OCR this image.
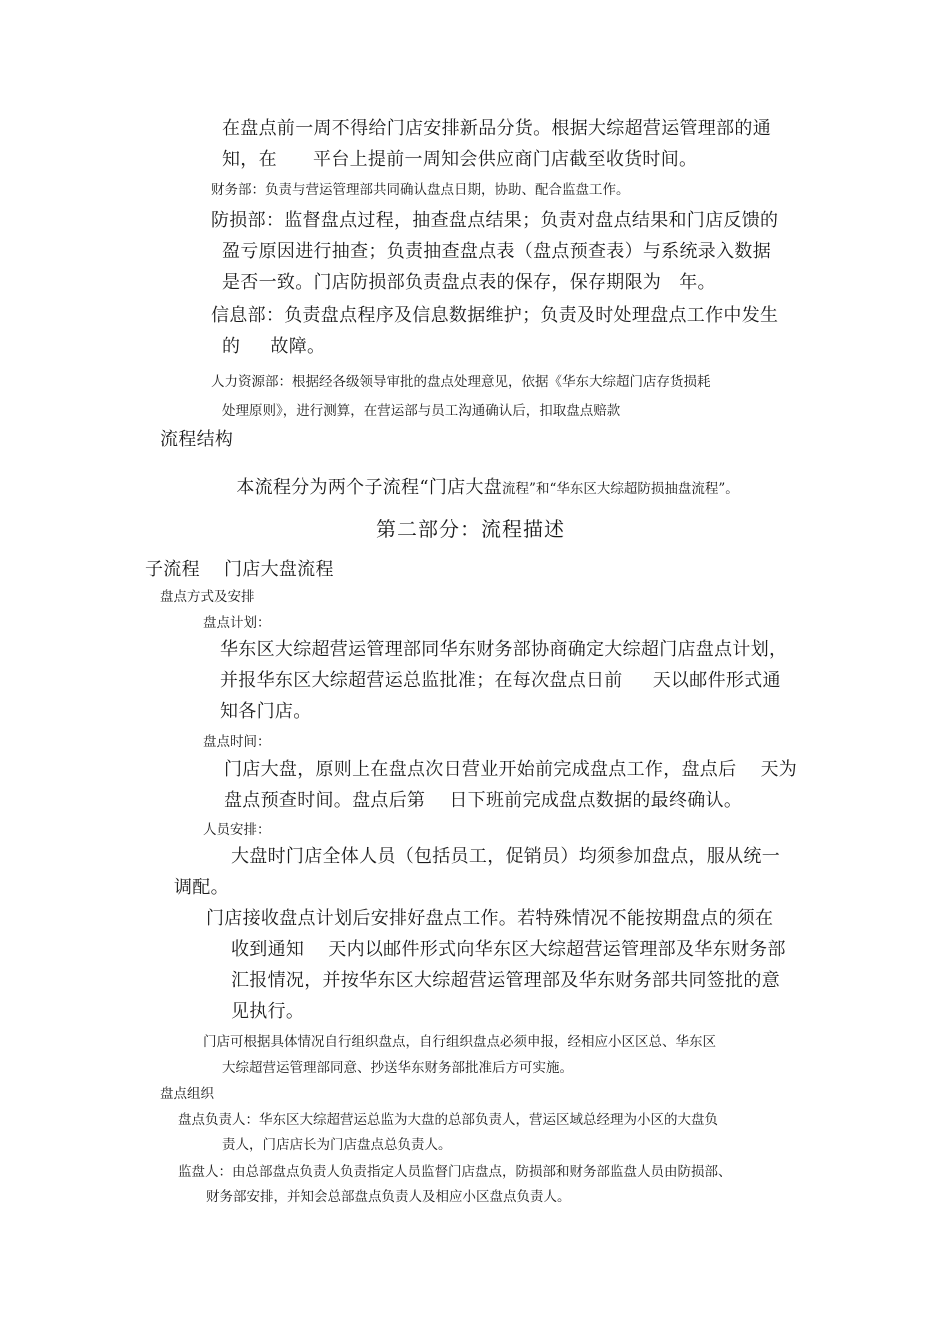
在盘点前一周不得给门店安排新品分货。根据大综超营运管理部的通
知，在      平台上提前一周知会供应商门店截至收货时间。
财务部：负责与营运管理部共同确认盘点日期，协助、配合监盘工作。
防损部：监督盘点过程，抽查盘点结果；负责对盘点结果和门店反馈的
盈亏原因进行抽查；负责抽查盘点表（盘点预查表）与系统录入数据
是否一致。门店防损部负责盘点表的保存，保存期限为   年。
信息部：负责盘点程序及信息数据维护；负责及时处理盘点工作中发生
的     故障。
人力资源部：根据经各级领导审批的盘点处理意见，依据《华东大综超门店存货损耗
处理原则》，进行测算，在营运部与员工沟通确认后，扣取盘点赔款
流程结构

本流程分为两个子流程“门店大盘流程”和“华东区大综超防损抽盘流程”。

第二部分：流程描述
子流程    门店大盘流程
盘点方式及安排
盘点计划：
华东区大综超营运管理部同华东财务部协商确定大综超门店盘点计划，
并报华东区大综超营运总监批准；在每次盘点日前     天以邮件形式通
知各门店。
盘点时间：
门店大盘，原则上在盘点次日营业开始前完成盘点工作，盘点后    天为
盘点预查时间。盘点后第    日下班前完成盘点数据的最终确认。
人员安排：
大盘时门店全体人员（包括员工，促销员）均须参加盘点，服从统一
调配。
门店接收盘点计划后安排好盘点工作。若特殊情况不能按期盘点的须在
收到通知    天内以邮件形式向华东区大综超营运管理部及华东财务部
汇报情况，并按华东区大综超营运管理部及华东财务部共同签批的意
见执行。
门店可根据具体情况自行组织盘点，自行组织盘点必须申报，经相应小区区总、华东区
大综超营运管理部同意、抄送华东财务部批准后方可实施。
盘点组织
盘点负责人：华东区大综超营运总监为大盘的总部负责人，营运区域总经理为小区的大盘负
责人，门店店长为门店盘点总负责人。
监盘人：由总部盘点负责人负责指定人员监督门店盘点，防损部和财务部监盘人员由防损部、
财务部安排，并知会总部盘点负责人及相应小区盘点负责人。
